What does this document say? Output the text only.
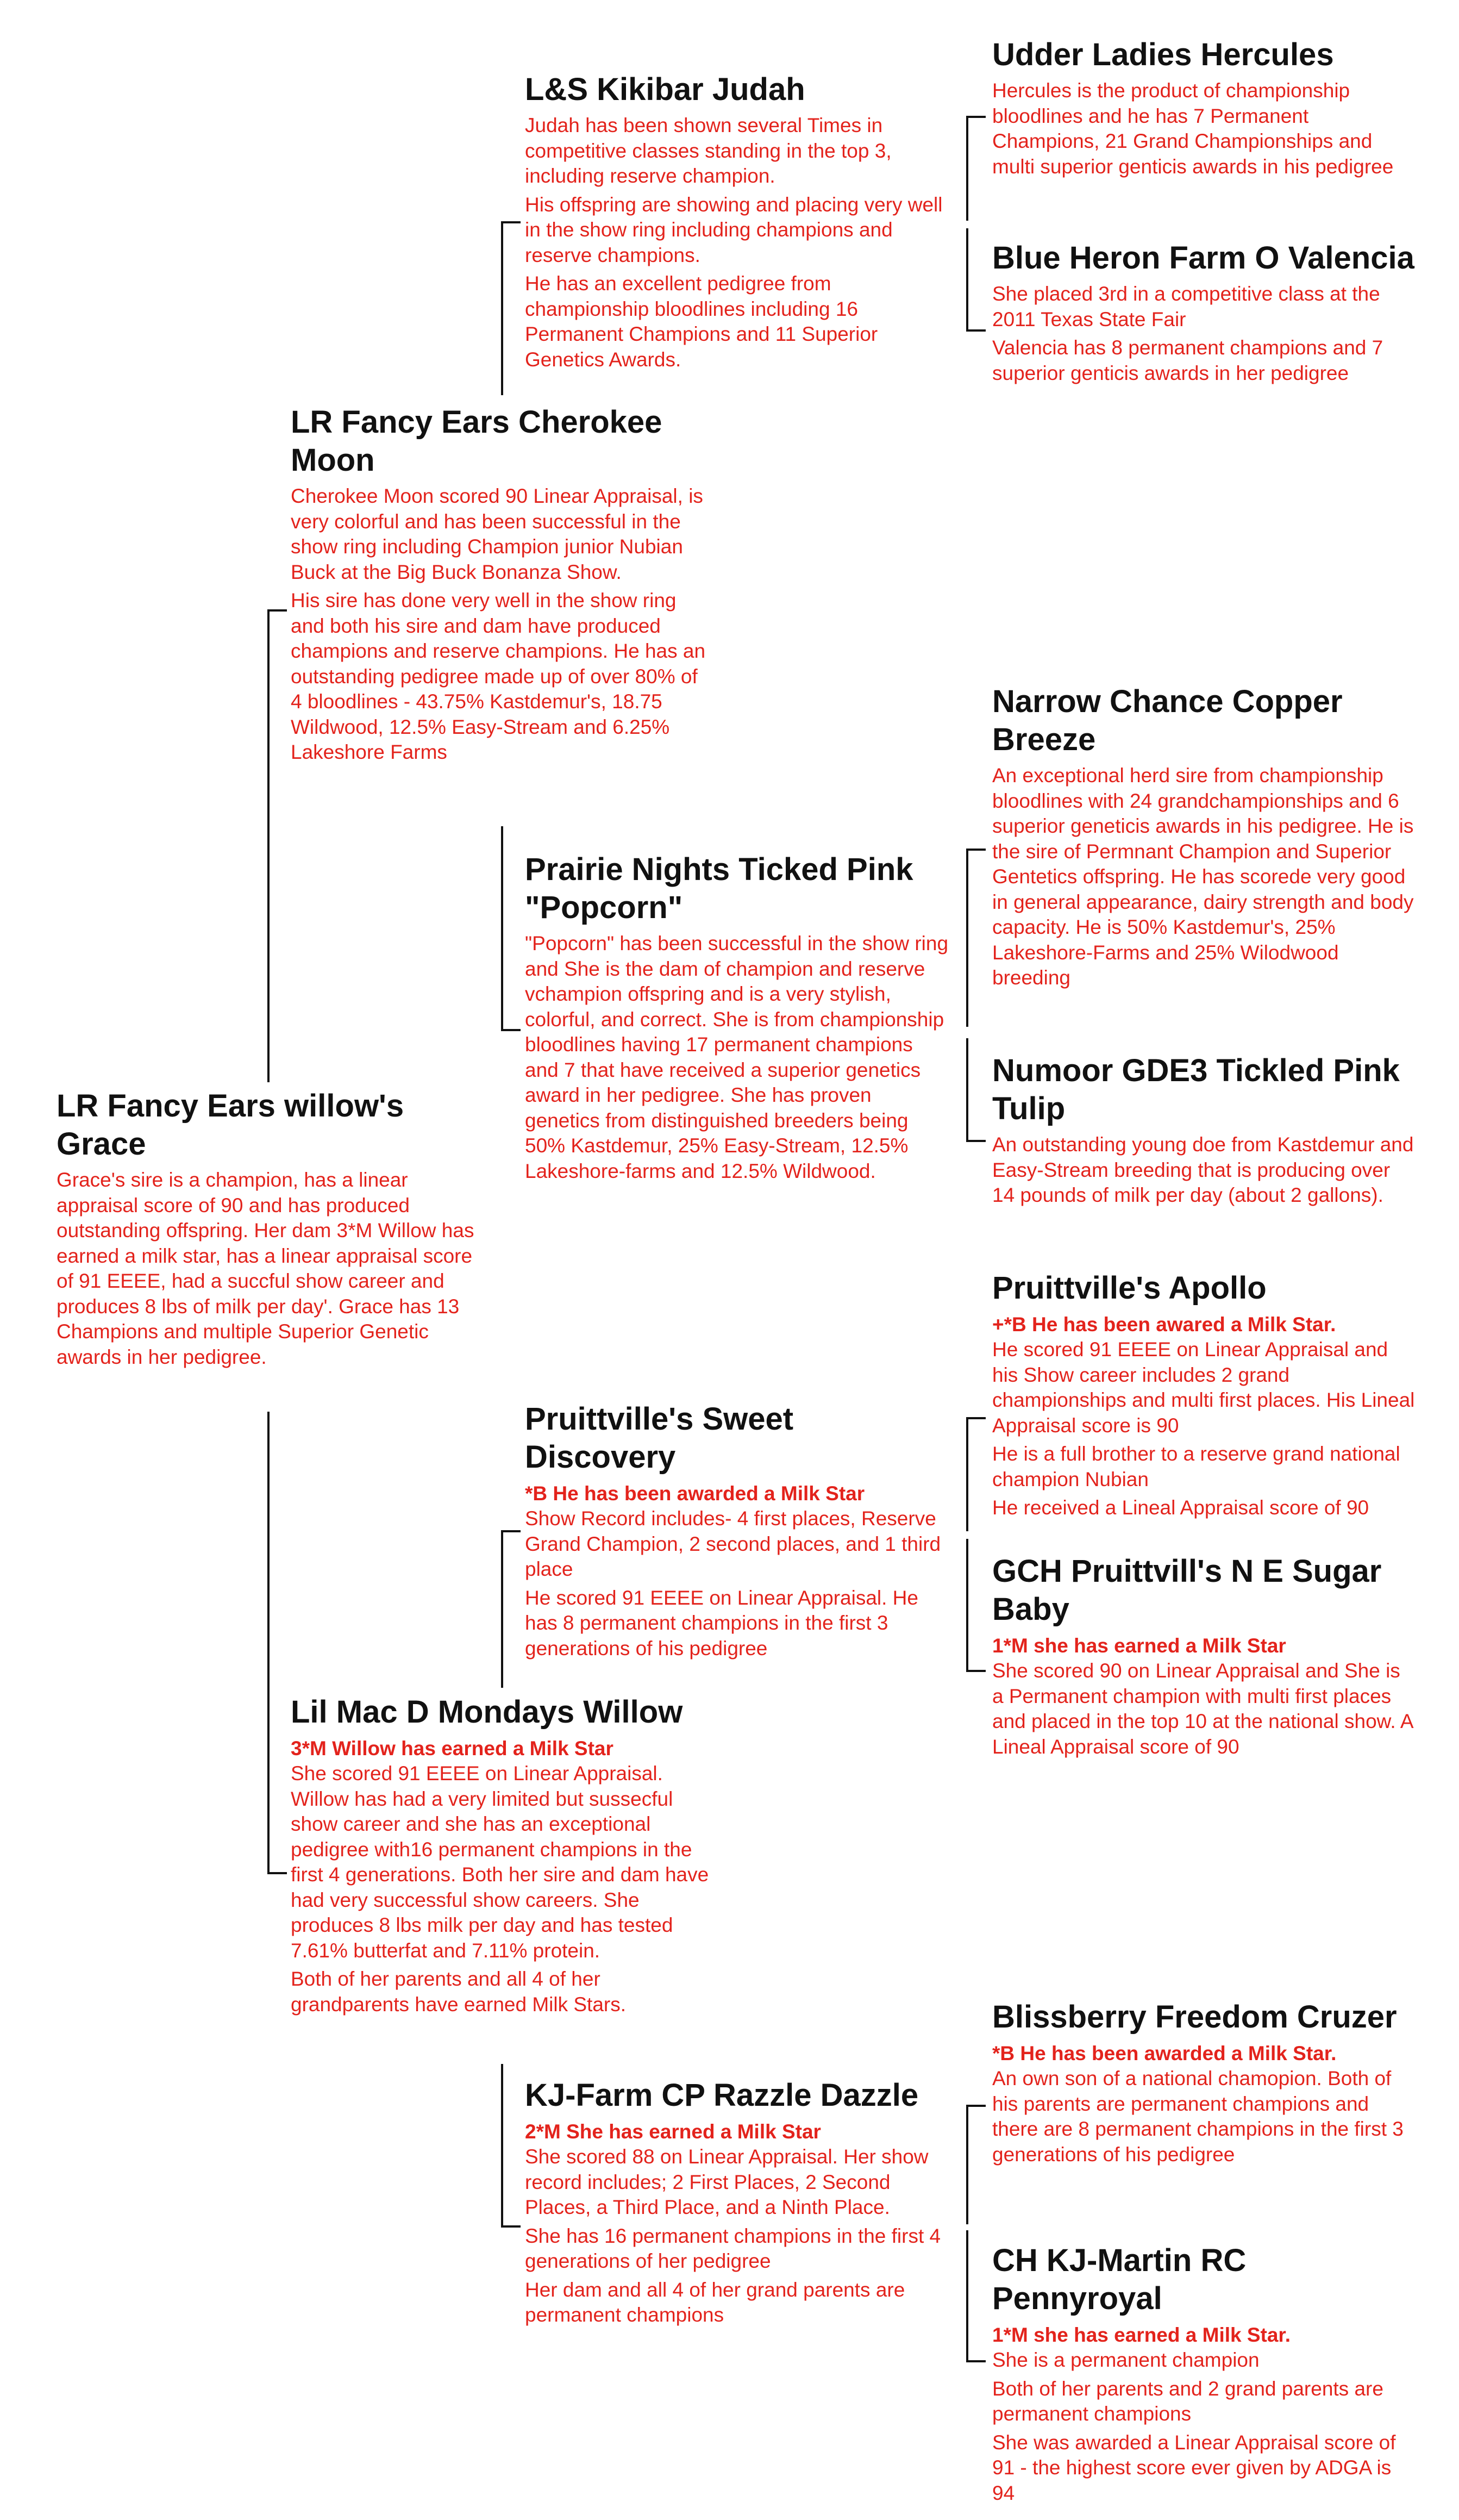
LR Fancy Ears willow's Grace

Grace's sire is a champion, has a linear appraisal score of 90 and has produced outstanding offspring. Her dam 3*M Willow has earned a milk star, has a linear appraisal score of 91 EEEE, had a succful show career and produces 8 lbs of milk per day'. Grace has 13 Champions and multiple Superior Genetic awards in her pedigree.

LR Fancy Ears Cherokee Moon

Cherokee Moon scored 90 Linear Appraisal, is very colorful and has been successful in the show ring including Champion junior Nubian Buck at the Big Buck Bonanza Show.

His sire has done very well in the show ring and both his sire and dam have produced champions and reserve champions. He has an outstanding pedigree made up of over 80% of 4 bloodlines - 43.75% Kastdemur's, 18.75 Wildwood, 12.5% Easy-Stream and 6.25% Lakeshore Farms

Lil Mac D Mondays Willow
3*M Willow has earned a Milk Star

She scored 91 EEEE on Linear Appraisal. Willow has had a very limited but sussecful show career and she has an exceptional pedigree with16 permanent champions in the first 4 generations. Both her sire and dam have had very successful show careers. She produces 8 lbs milk per day and has tested 7.61% butterfat and 7.11% protein.

Both of her parents and all 4 of her grandparents have earned Milk Stars.

L&S Kikibar Judah

Judah has been shown several Times in competitive classes standing in the top 3, including reserve champion.

His offspring are showing and placing very well in the show ring including champions and reserve champions.

He has an excellent pedigree from championship bloodlines including 16 Permanent Champions and 11 Superior Genetics Awards.

Prairie Nights Ticked Pink "Popcorn"

"Popcorn" has been successful in the show ring and She is the dam of champion and reserve vchampion offspring and is a very stylish, colorful, and correct. She is from championship bloodlines having 17 permanent champions and 7 that have received a superior genetics award in her pedigree. She has proven genetics from distinguished breeders being 50% Kastdemur, 25% Easy-Stream, 12.5% Lakeshore-farms and 12.5% Wildwood.

Pruittville's Sweet Discovery
*B He has been awarded a Milk Star

Show Record includes- 4 first places, Reserve Grand Champion, 2 second places, and 1 third place

He scored 91 EEEE on Linear Appraisal. He has 8 permanent champions in the first 3 generations of his pedigree

KJ-Farm CP Razzle Dazzle
2*M She has earned a Milk Star

She scored 88 on Linear Appraisal. Her show record includes; 2 First Places, 2 Second Places, a Third Place, and a Ninth Place.

She has 16 permanent champions in the first 4 generations of her pedigree

Her dam and all 4 of her grand parents are permanent champions

Udder Ladies Hercules

Hercules is the product of championship bloodlines and he has 7 Permanent Champions, 21 Grand Championships and multi superior genticis awards in his pedigree

Blue Heron Farm O Valencia

She placed 3rd in a competitive class at the 2011 Texas State Fair

Valencia has 8 permanent champions and 7 superior genticis awards in her pedigree

Narrow Chance Copper Breeze

An exceptional herd sire from championship bloodlines with 24 grandchampionships and 6 superior geneticis awards in his pedigree. He is the sire of Permnant Champion and Superior Gentetics offspring. He has scorede very good in general appearance, dairy strength and body capacity. He is 50% Kastdemur's, 25% Lakeshore-Farms and 25% Wilodwood breeding

Numoor GDE3 Tickled Pink Tulip

An outstanding young doe from Kastdemur and Easy-Stream breeding that is producing over 14 pounds of milk per day (about 2 gallons).

Pruittville's Apollo
+*B He has been awared a Milk Star.

He scored 91 EEEE on Linear Appraisal and his Show career includes 2 grand championships and multi first places. His Lineal Appraisal score is 90

He is a full brother to a reserve grand national champion Nubian

He received a Lineal Appraisal score of 90

GCH Pruittvill's N E Sugar Baby
1*M she has earned a Milk Star

She scored 90 on Linear Appraisal and She is a Permanent champion with multi first places and placed in the top 10 at the national show. A Lineal Appraisal score of 90

Blissberry Freedom Cruzer
*B He has been awarded a Milk Star.

An own son of a national chamopion. Both of his parents are permanent champions and there are 8 permanent champions in the first 3 generations of his pedigree

CH KJ-Martin RC Pennyroyal
1*M she has earned a Milk Star.

She is a permanent champion

Both of her parents and 2 grand parents are permanent champions

She was awarded a Linear Appraisal score of 91 - the highest score ever given by ADGA is 94
